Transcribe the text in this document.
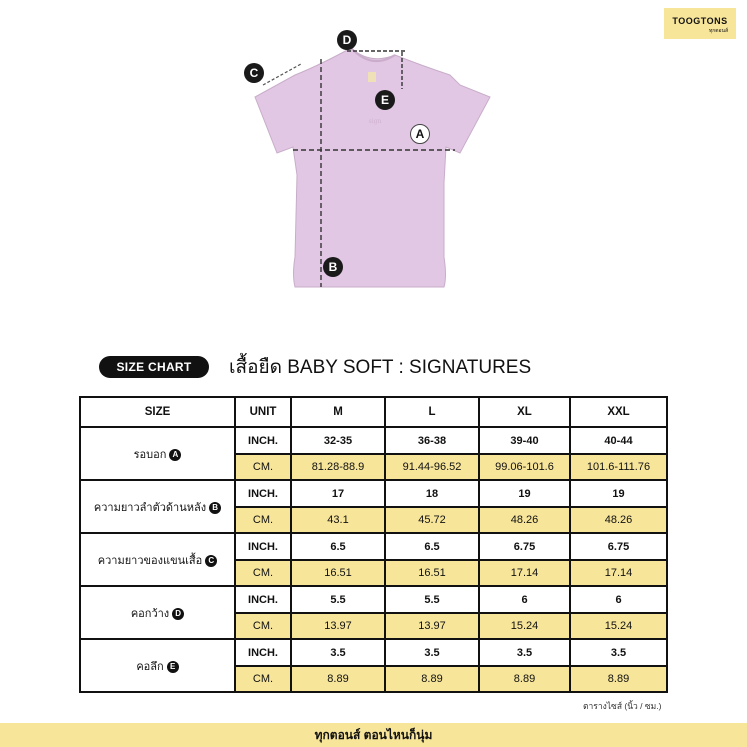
TOOGTONS
ทุกตอนส์
sign
A
B
C
D
E
SIZE CHART	เสื้อยืด BABY SOFT : SIGNATURES
SIZE	UNIT	M	L	XL	XXL
รอบอก A	INCH.	32-35	36-38	39-40	40-44
	CM.	81.28-88.9	91.44-96.52	99.06-101.6	101.6-111.76
ความยาวลำตัวด้านหลัง B	INCH.	17	18	19	19
	CM.	43.1	45.72	48.26	48.26
ความยาวของแขนเสื้อ C	INCH.	6.5	6.5	6.75	6.75
	CM.	16.51	16.51	17.14	17.14
คอกว้าง D	INCH.	5.5	5.5	6	6
	CM.	13.97	13.97	15.24	15.24
คอลึก E	INCH.	3.5	3.5	3.5	3.5
	CM.	8.89	8.89	8.89	8.89
ตารางไซส์ (นิ้ว / ซม.)
ทุกตอนส์ ตอนไหนก็นุ่ม
